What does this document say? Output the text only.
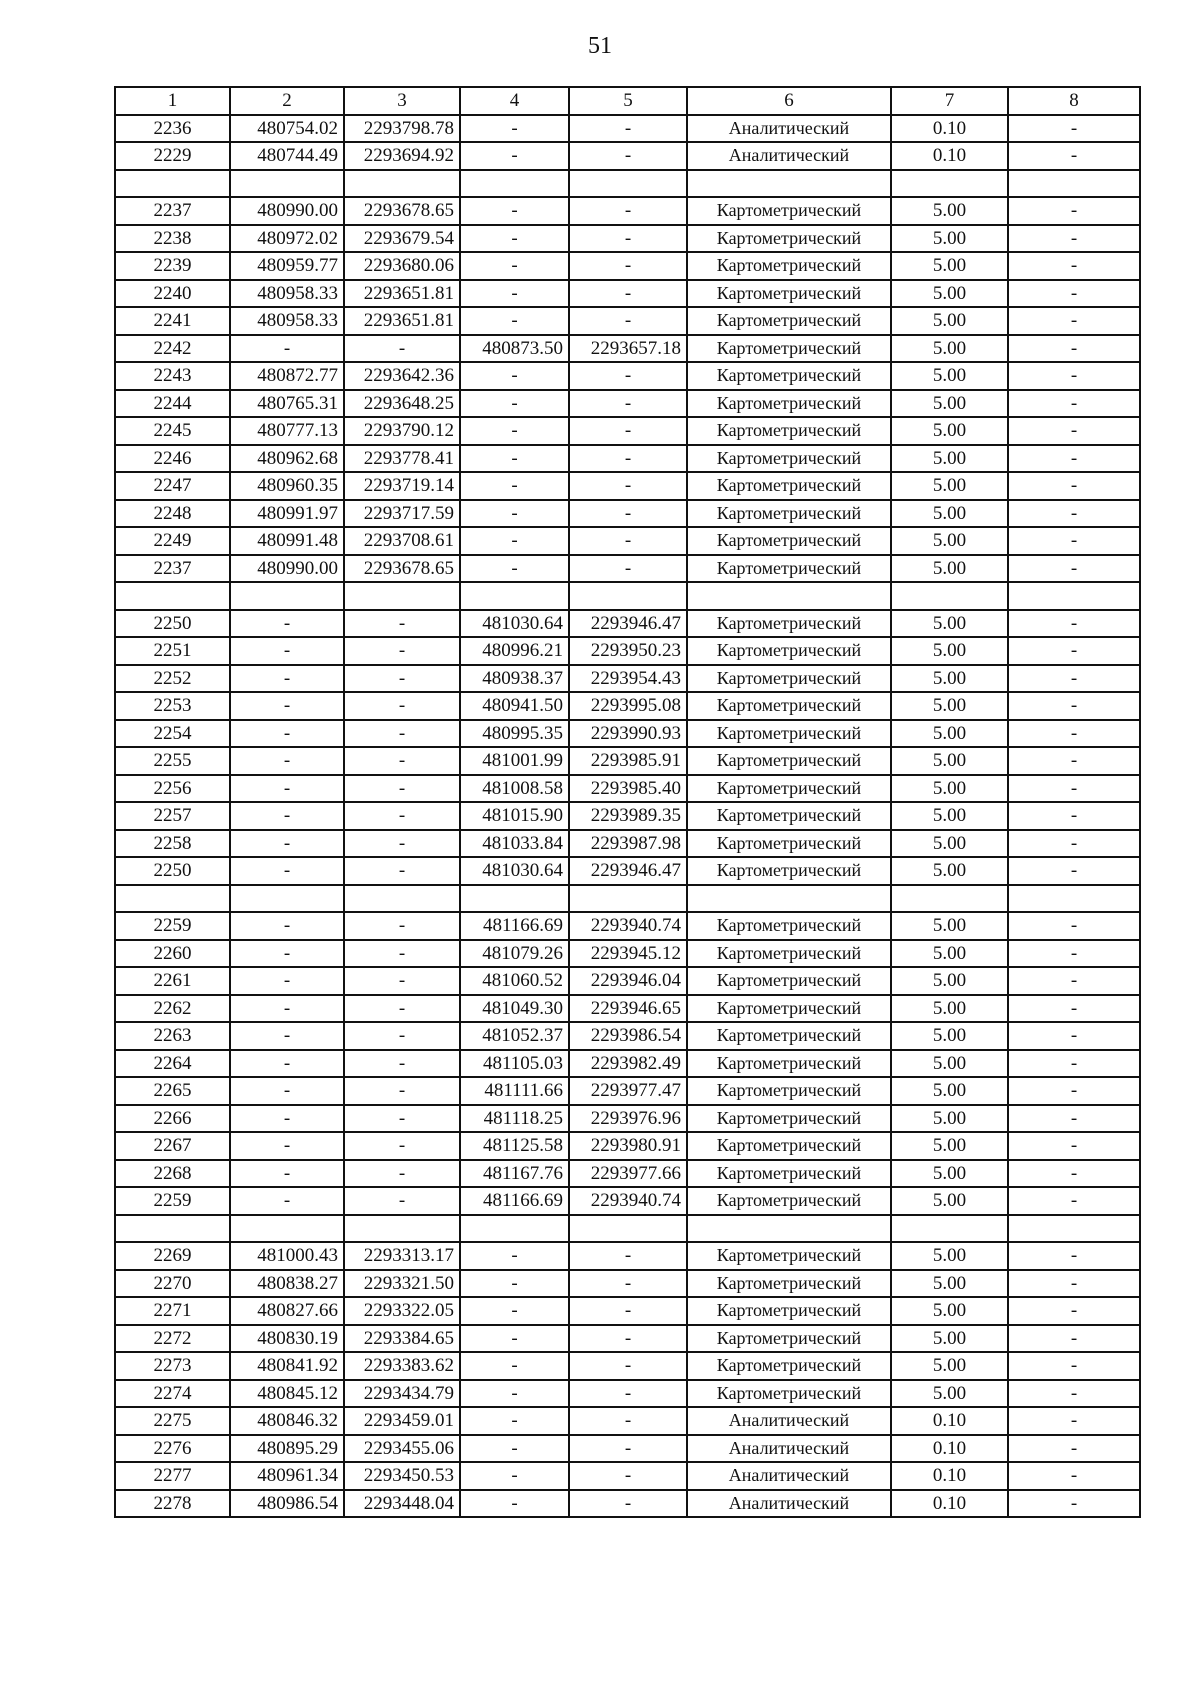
51
1	2	3	4	5	6	7	8
2236	480754.02	2293798.78	-	-	Аналитический	0.10	-
2229	480744.49	2293694.92	-	-	Аналитический	0.10	-

2237	480990.00	2293678.65	-	-	Картометрический	5.00	-
2238	480972.02	2293679.54	-	-	Картометрический	5.00	-
2239	480959.77	2293680.06	-	-	Картометрический	5.00	-
2240	480958.33	2293651.81	-	-	Картометрический	5.00	-
2241	480958.33	2293651.81	-	-	Картометрический	5.00	-
2242	-	-	480873.50	2293657.18	Картометрический	5.00	-
2243	480872.77	2293642.36	-	-	Картометрический	5.00	-
2244	480765.31	2293648.25	-	-	Картометрический	5.00	-
2245	480777.13	2293790.12	-	-	Картометрический	5.00	-
2246	480962.68	2293778.41	-	-	Картометрический	5.00	-
2247	480960.35	2293719.14	-	-	Картометрический	5.00	-
2248	480991.97	2293717.59	-	-	Картометрический	5.00	-
2249	480991.48	2293708.61	-	-	Картометрический	5.00	-
2237	480990.00	2293678.65	-	-	Картометрический	5.00	-

2250	-	-	481030.64	2293946.47	Картометрический	5.00	-
2251	-	-	480996.21	2293950.23	Картометрический	5.00	-
2252	-	-	480938.37	2293954.43	Картометрический	5.00	-
2253	-	-	480941.50	2293995.08	Картометрический	5.00	-
2254	-	-	480995.35	2293990.93	Картометрический	5.00	-
2255	-	-	481001.99	2293985.91	Картометрический	5.00	-
2256	-	-	481008.58	2293985.40	Картометрический	5.00	-
2257	-	-	481015.90	2293989.35	Картометрический	5.00	-
2258	-	-	481033.84	2293987.98	Картометрический	5.00	-
2250	-	-	481030.64	2293946.47	Картометрический	5.00	-

2259	-	-	481166.69	2293940.74	Картометрический	5.00	-
2260	-	-	481079.26	2293945.12	Картометрический	5.00	-
2261	-	-	481060.52	2293946.04	Картометрический	5.00	-
2262	-	-	481049.30	2293946.65	Картометрический	5.00	-
2263	-	-	481052.37	2293986.54	Картометрический	5.00	-
2264	-	-	481105.03	2293982.49	Картометрический	5.00	-
2265	-	-	481111.66	2293977.47	Картометрический	5.00	-
2266	-	-	481118.25	2293976.96	Картометрический	5.00	-
2267	-	-	481125.58	2293980.91	Картометрический	5.00	-
2268	-	-	481167.76	2293977.66	Картометрический	5.00	-
2259	-	-	481166.69	2293940.74	Картометрический	5.00	-

2269	481000.43	2293313.17	-	-	Картометрический	5.00	-
2270	480838.27	2293321.50	-	-	Картометрический	5.00	-
2271	480827.66	2293322.05	-	-	Картометрический	5.00	-
2272	480830.19	2293384.65	-	-	Картометрический	5.00	-
2273	480841.92	2293383.62	-	-	Картометрический	5.00	-
2274	480845.12	2293434.79	-	-	Картометрический	5.00	-
2275	480846.32	2293459.01	-	-	Аналитический	0.10	-
2276	480895.29	2293455.06	-	-	Аналитический	0.10	-
2277	480961.34	2293450.53	-	-	Аналитический	0.10	-
2278	480986.54	2293448.04	-	-	Аналитический	0.10	-
